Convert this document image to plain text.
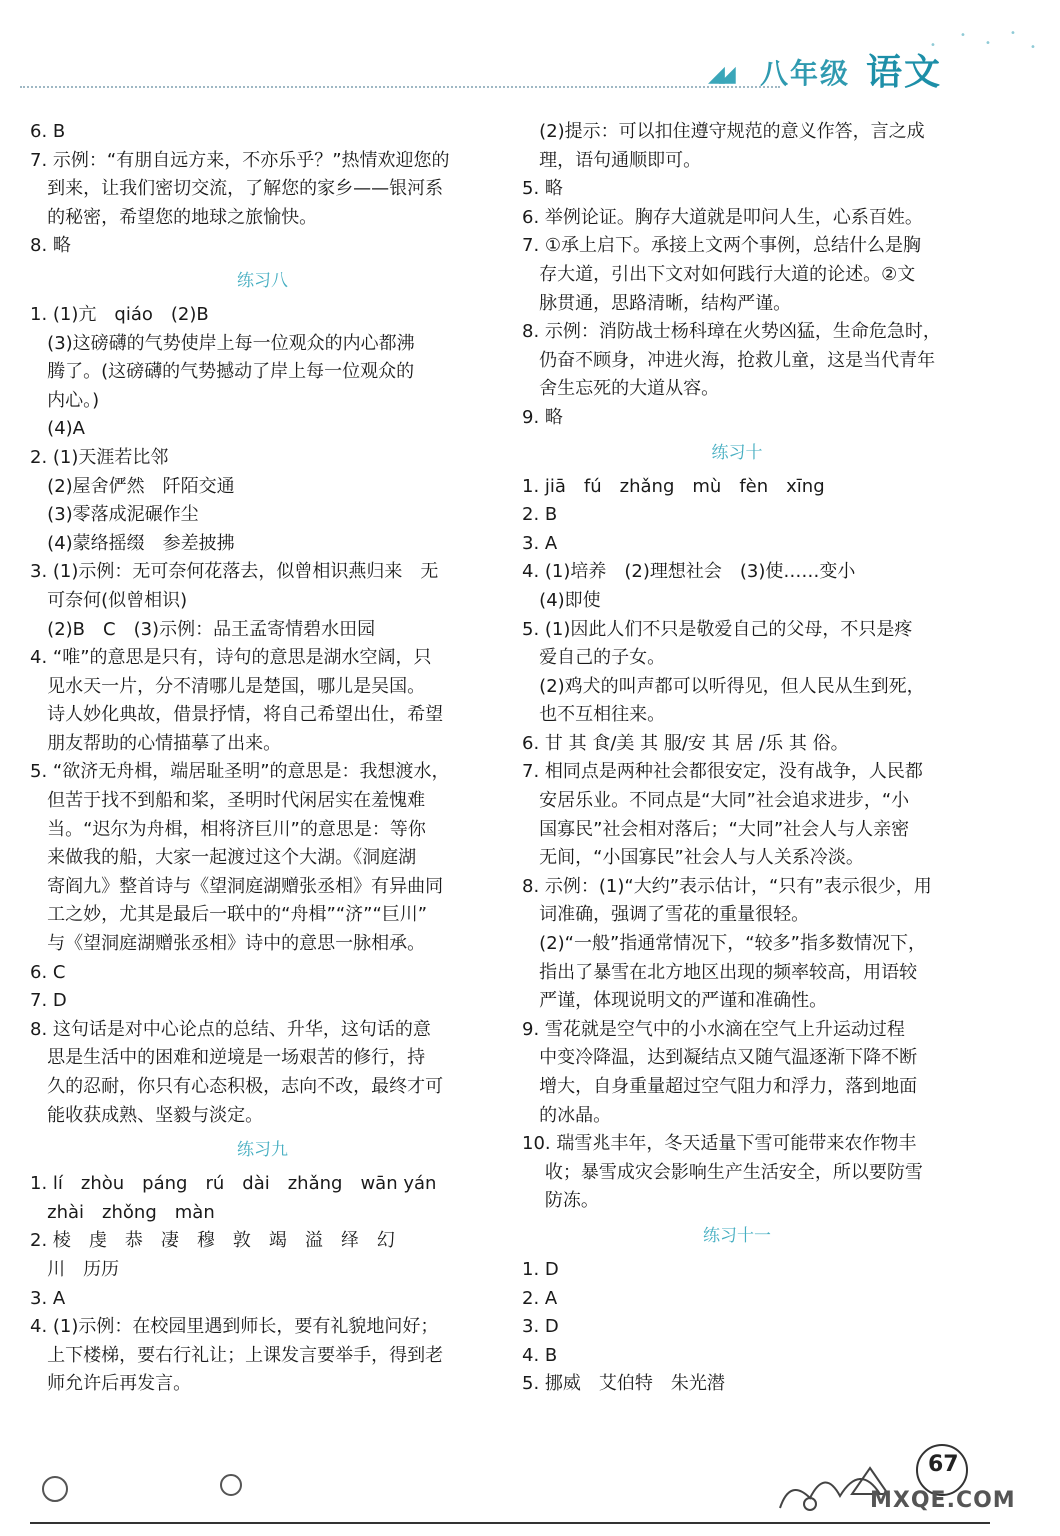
◢◢ 八年级 语文
•
•
•
•
•
6. B
7. 示例：“有朋自远方来，不亦乐乎？”热情欢迎您的
到来，让我们密切交流，了解您的家乡——银河系
的秘密，希望您的地球之旅愉快。
8. 略
练习八
1. (1)亢　qiáo　(2)B
(3)这磅礴的气势使岸上每一位观众的内心都沸
腾了。(这磅礴的气势撼动了岸上每一位观众的
内心。)
(4)A
2. (1)天涯若比邻
(2)屋舍俨然　阡陌交通
(3)零落成泥碾作尘
(4)蒙络摇缀　参差披拂
3. (1)示例：无可奈何花落去，似曾相识燕归来　无
可奈何(似曾相识)
(2)B　C　(3)示例：品王孟寄情碧水田园
4. “唯”的意思是只有，诗句的意思是湖水空阔，只
见水天一片，分不清哪儿是楚国，哪儿是吴国。
诗人妙化典故，借景抒情，将自己希望出仕，希望
朋友帮助的心情描摹了出来。
5. “欲济无舟楫，端居耻圣明”的意思是：我想渡水，
但苦于找不到船和桨，圣明时代闲居实在羞愧难
当。“迟尔为舟楫，相将济巨川”的意思是：等你
来做我的船，大家一起渡过这个大湖。《洞庭湖
寄阎九》整首诗与《望洞庭湖赠张丞相》有异曲同
工之妙，尤其是最后一联中的“舟楫”“济”“巨川”
与《望洞庭湖赠张丞相》诗中的意思一脉相承。
6. C
7. D
8. 这句话是对中心论点的总结、升华，这句话的意
思是生活中的困难和逆境是一场艰苦的修行，持
久的忍耐，你只有心态积极，志向不改，最终才可
能收获成熟、坚毅与淡定。
练习九
1. lí　zhòu　páng　rú　dài　zhǎng　wān yán
zhài　zhǒng　màn
2. 棱　虔　恭　凄　穆　敦　竭　溢　绎　幻
川　历历
3. A
4. (1)示例：在校园里遇到师长，要有礼貌地问好；
上下楼梯，要右行礼让；上课发言要举手，得到老
师允许后再发言。
(2)提示：可以扣住遵守规范的意义作答，言之成
理，语句通顺即可。
5. 略
6. 举例论证。胸存大道就是叩问人生，心系百姓。
7. ①承上启下。承接上文两个事例，总结什么是胸
存大道，引出下文对如何践行大道的论述。②文
脉贯通，思路清晰，结构严谨。
8. 示例：消防战士杨科璋在火势凶猛，生命危急时，
仍奋不顾身，冲进火海，抢救儿童，这是当代青年
舍生忘死的大道从容。
9. 略
练习十
1. jiā　fú　zhǎng　mù　fèn　xīng
2. B
3. A
4. (1)培养　(2)理想社会　(3)使……变小
(4)即使
5. (1)因此人们不只是敬爱自己的父母，不只是疼
爱自己的子女。
(2)鸡犬的叫声都可以听得见，但人民从生到死，
也不互相往来。
6. 甘 其 食/美 其 服/安 其 居 /乐 其 俗。
7. 相同点是两种社会都很安定，没有战争，人民都
安居乐业。不同点是“大同”社会追求进步，“小
国寡民”社会相对落后；“大同”社会人与人亲密
无间，“小国寡民”社会人与人关系冷淡。
8. 示例：(1)“大约”表示估计，“只有”表示很少，用
词准确，强调了雪花的重量很轻。
(2)“一般”指通常情况下，“较多”指多数情况下，
指出了暴雪在北方地区出现的频率较高，用语较
严谨，体现说明文的严谨和准确性。
9. 雪花就是空气中的小水滴在空气上升运动过程
中变冷降温，达到凝结点又随气温逐渐下降不断
增大，自身重量超过空气阻力和浮力，落到地面
的冰晶。
10. 瑞雪兆丰年，冬天适量下雪可能带来农作物丰
收；暴雪成灾会影响生产生活安全，所以要防雪
防冻。
练习十一
1. D
2. A
3. D
4. B
5. 挪威　艾伯特　朱光潜
67
MXQE.COM
